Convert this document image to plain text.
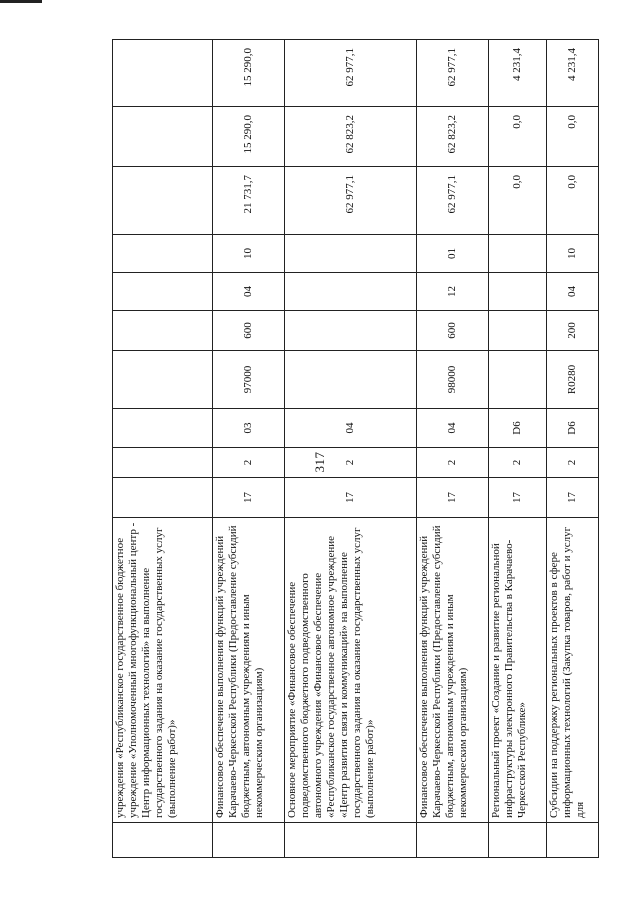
317
	учреждения «Республиканское государственное бюджетное учреждение «Уполномоченный многофункциональный центр - Центр информационных технологий» на выполнение государственного задания на оказание государственных услуг (выполнение работ)»										
	Финансовое обеспечение выполнения функций учреждений Карачаево-Черкесской Республики (Предоставление субсидий бюджетным, автономным учреждениям и иным некоммерческим организациям)	17	2	03	97000	600	04	10	21 731,7	15 290,0	15 290,0
	Основное мероприятие «Финансовое обеспечение подведомственного бюджетного подведомственного автономного учреждения «Финансовое обеспечение «Республиканское государственное автономное учреждение «Центр развития связи и коммуникаций» на выполнение государственного задания на оказание государственных услуг (выполнение работ)»	17	2	04					62 977,1	62 823,2	62 977,1
	Финансовое обеспечение выполнения функций учреждений Карачаево-Черкесской Республики (Предоставление субсидий бюджетным, автономным учреждениям и иным некоммерческим организациям)	17	2	04	98000	600	12	01	62 977,1	62 823,2	62 977,1
	Региональный проект «Создание и развитие региональной инфраструктуры электронного Правительства в Карачаево-Черкесской Республике»	17	2	D6					0,0	0,0	4 231,4
	Субсидии на поддержку региональных проектов в сфере информационных технологий (Закупка товаров, работ и услуг для	17	2	D6	R0280	200	04	10	0,0	0,0	4 231,4
